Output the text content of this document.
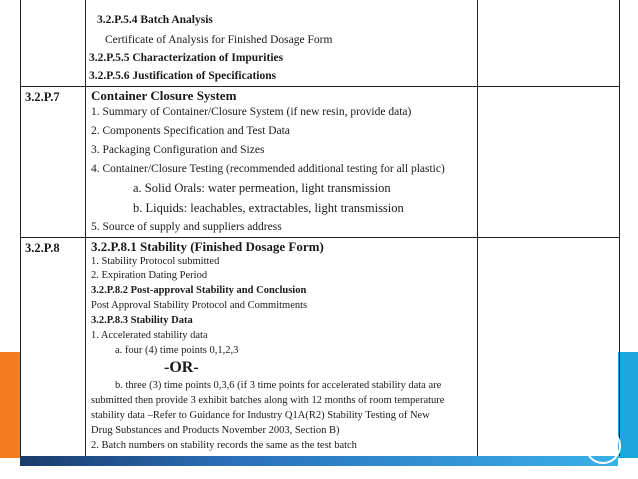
3.2.P.5.4 Batch Analysis
Certificate of Analysis for Finished Dosage Form
3.2.P.5.5 Characterization of Impurities
3.2.P.5.6 Justification of Specifications
3.2.P.7 Container Closure System
1. Summary of Container/Closure System (if new resin, provide data)
2. Components Specification and Test Data
3. Packaging Configuration and Sizes
4. Container/Closure Testing (recommended additional testing for all plastic)
a. Solid Orals: water permeation, light transmission
b. Liquids: leachables, extractables, light transmission
5. Source of supply and suppliers address
3.2.P.8 3.2.P.8.1 Stability (Finished Dosage Form)
1. Stability Protocol submitted
2. Expiration Dating Period
3.2.P.8.2 Post-approval Stability and Conclusion
Post Approval Stability Protocol and Commitments
3.2.P.8.3 Stability Data
1. Accelerated stability data
a. four (4) time points 0,1,2,3
-OR-
b. three (3) time points 0,3,6 (if 3 time points for accelerated stability data are
submitted then provide 3 exhibit batches along with 12 months of room temperature
stability data –Refer to Guidance for Industry Q1A(R2) Stability Testing of New
Drug Substances and Products November 2003, Section B)
2. Batch numbers on stability records the same as the test batch
